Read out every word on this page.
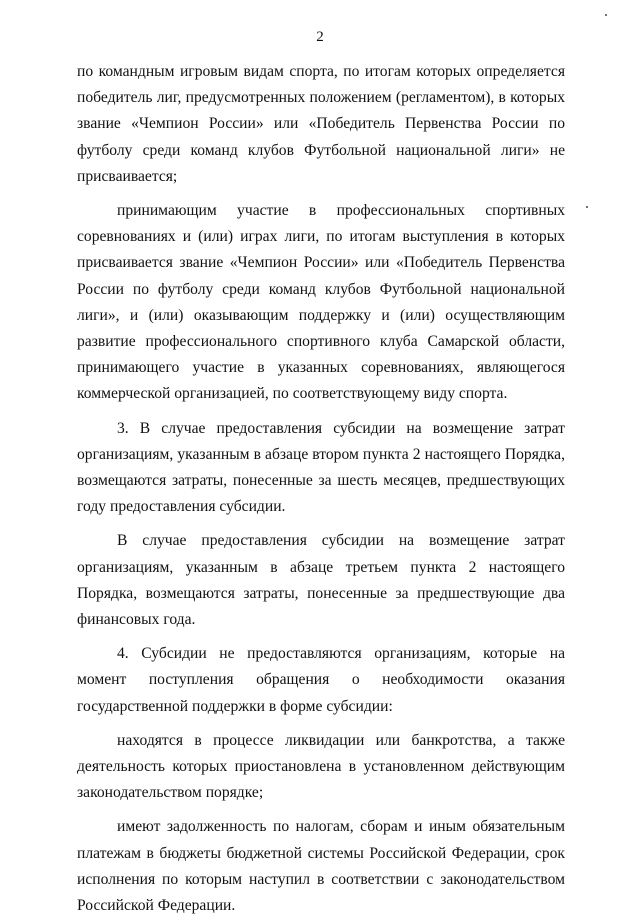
2

по командным игровым видам спорта, по итогам которых определяется победитель лиг, предусмотренных положением (регламентом), в которых звание «Чемпион России» или «Победитель Первенства России по футболу среди команд клубов Футбольной национальной лиги» не присваивается;

принимающим участие в профессиональных спортивных соревнованиях и (или) играх лиги, по итогам выступления в которых присваивается звание «Чемпион России» или «Победитель Первенства России по футболу среди команд клубов Футбольной национальной лиги», и (или) оказывающим поддержку и (или) осуществляющим развитие профессионального спортивного клуба Самарской области, принимающего участие в указанных соревнованиях, являющегося коммерческой организацией, по соответствующему виду спорта.

3. В случае предоставления субсидии на возмещение затрат организациям, указанным в абзаце втором пункта 2 настоящего Порядка, возмещаются затраты, понесенные за шесть месяцев, предшествующих году предоставления субсидии.

В случае предоставления субсидии на возмещение затрат организациям, указанным в абзаце третьем пункта 2 настоящего Порядка, возмещаются затраты, понесенные за предшествующие два финансовых года.

4. Субсидии не предоставляются организациям, которые на момент поступления обращения о необходимости оказания государственной поддержки в форме субсидии:

находятся в процессе ликвидации или банкротства, а также деятельность которых приостановлена в установленном действующим законодательством порядке;

имеют задолженность по налогам, сборам и иным обязательным платежам в бюджеты бюджетной системы Российской Федерации, срок исполнения по которым наступил в соответствии с законодательством Российской Федерации.
